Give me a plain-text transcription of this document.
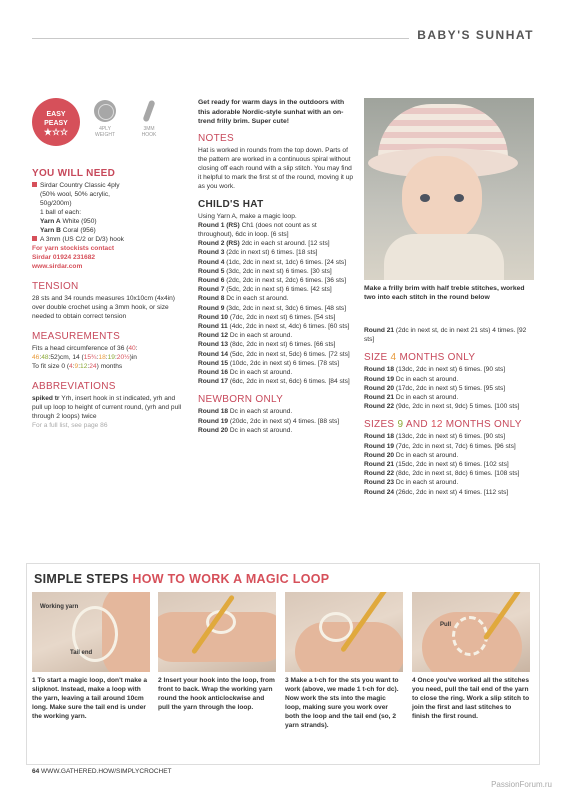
BABY'S SUNHAT
EASY
PEASY
★☆☆	4PLY
WEIGHT
3MM
HOOK
YOU WILL NEED
Sirdar Country Classic 4ply
(50% wool, 50% acrylic,
50g/200m)
1 ball of each:
Yarn A White (950)
Yarn B Coral (956)
A 3mm (US C/2 or D/3) hook
For yarn stockists contact
Sirdar 01924 231682
www.sirdar.com
TENSION
28 sts and 34 rounds measures 10x10cm (4x4in) over double crochet using a 3mm hook, or size needed to obtain correct tension
MEASUREMENTS
Fits a head circumference of 36 (40:
46:48:52)cm, 14 (15¾:18:19:20½)in
To fit size 0 (4:9:12:24) months
ABBREVIATIONS
spiked tr Yrh, insert hook in st indicated, yrh and pull up loop to height of current round, (yrh and pull through 2 loops) twice
For a full list, see page 86
Get ready for warm days in the outdoors with this adorable Nordic-style sunhat with an on-trend frilly brim. Super cute!
NOTES
Hat is worked in rounds from the top down. Parts of the pattern are worked in a continuous spiral without closing off each round with a slip stitch. You may find it helpful to mark the first st of the round, moving it up as you work.
CHILD'S HAT
Using Yarn A, make a magic loop.
Round 1 (RS) Ch1 (does not count as st throughout), 6dc in loop. [6 sts]
Round 2 (RS) 2dc in each st around. [12 sts]
Round 3 (2dc in next st) 6 times. [18 sts]
Round 4 (1dc, 2dc in next st, 1dc) 6 times. [24 sts]
Round 5 (3dc, 2dc in next st) 6 times. [30 sts]
Round 6 (2dc, 2dc in next st, 2dc) 6 times. [36 sts]
Round 7 (5dc, 2dc in next st) 6 times. [42 sts]
Round 8 Dc in each st around.
Round 9 (3dc, 2dc in next st, 3dc) 6 times. [48 sts]
Round 10 (7dc, 2dc in next st) 6 times. [54 sts]
Round 11 (4dc, 2dc in next st, 4dc) 6 times. [60 sts]
Round 12 Dc in each st around.
Round 13 (8dc, 2dc in next st) 6 times. [66 sts]
Round 14 (5dc, 2dc in next st, 5dc) 6 times. [72 sts]
Round 15 (10dc, 2dc in next st) 6 times. [78 sts]
Round 16 Dc in each st around.
Round 17 (6dc, 2dc in next st, 6dc) 6 times. [84 sts]
NEWBORN ONLY
Round 18 Dc in each st around.
Round 19 (20dc, 2dc in next st) 4 times. [88 sts]
Round 20 Dc in each st around.
Make a frilly brim with half treble stitches, worked two into each stitch in the round below
Round 21 (2dc in next st, dc in next 21 sts) 4 times. [92 sts]
SIZE 4 MONTHS ONLY
Round 18 (13dc, 2dc in next st) 6 times. [90 sts]
Round 19 Dc in each st around.
Round 20 (17dc, 2dc in next st) 5 times. [95 sts]
Round 21 Dc in each st around.
Round 22 (9dc, 2dc in next st, 9dc) 5 times. [100 sts]
SIZES 9 AND 12 MONTHS ONLY
Round 18 (13dc, 2dc in next st) 6 times. [90 sts]
Round 19 (7dc, 2dc in next st, 7dc) 6 times. [96 sts]
Round 20 Dc in each st around.
Round 21 (15dc, 2dc in next st) 6 times. [102 sts]
Round 22 (8dc, 2dc in next st, 8dc) 6 times. [108 sts]
Round 23 Dc in each st around.
Round 24 (26dc, 2dc in next st) 4 times. [112 sts]
SIMPLE STEPS HOW TO WORK A MAGIC LOOP
Working yarn
Tail end
Pull
1 To start a magic loop, don't make a slipknot. Instead, make a loop with the yarn, leaving a tail around 10cm long. Make sure the tail end is under the working yarn.
2 Insert your hook into the loop, from front to back. Wrap the working yarn round the hook anticlockwise and pull the yarn through the loop.
3 Make a t-ch for the sts you want to work (above, we made 1 t-ch for dc). Now work the sts into the magic loop, making sure you work over both the loop and the tail end (so, 2 yarn strands).
4 Once you've worked all the stitches you need, pull the tail end of the yarn to close the ring. Work a slip stitch to join the first and last stitches to finish the first round.
64 WWW.GATHERED.HOW/SIMPLYCROCHET
PassionForum.ru
